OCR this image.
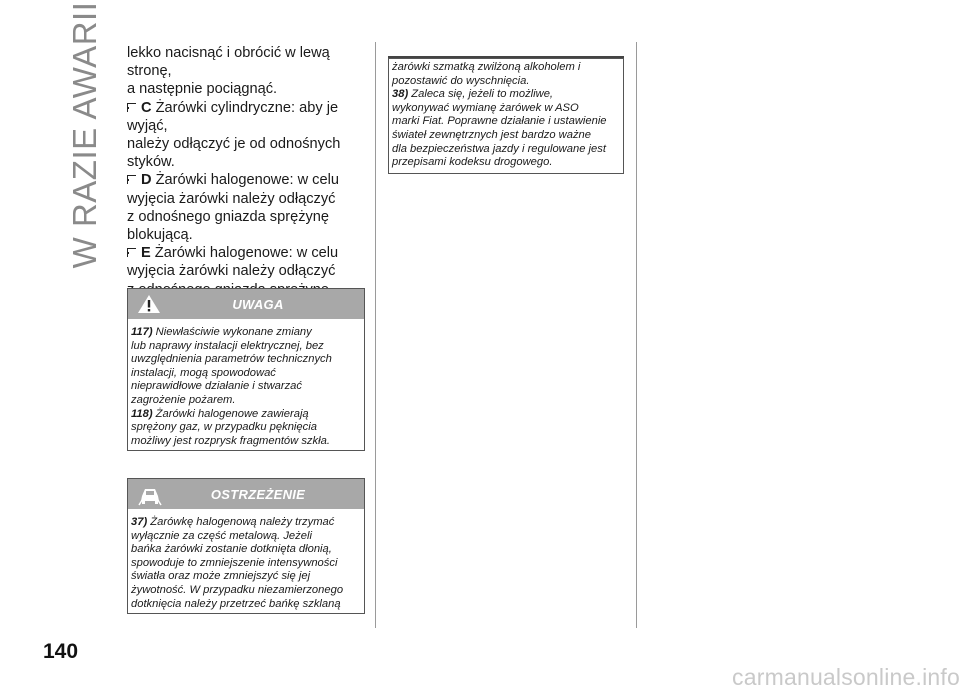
W RAZIE AWARII lekko nacisnąć i obrócić w lewą stronę,

a następnie pociągnąć.

C Żarówki cylindryczne: aby je wyjąć,

należy odłączyć je od odnośnych

styków.

D Żarówki halogenowe: w celu

wyjęcia żarówki należy odłączyć

z odnośnego gniazda sprężynę

blokującą.

E Żarówki halogenowe: w celu

wyjęcia żarówki należy odłączyć

UWAGA

117) Niewłaściwie wykonane zmiany

lub naprawy instalacji elektrycznej, bez

uwzględnienia parametrów technicznych

instalacji, mogą spowodować

nieprawidłowe działanie i stwarzać

zagrożenie pożarem.

118) Żarówki halogenowe zawierają

sprężony gaz, w przypadku pęknięcia

możliwy jest rozprysk fragmentów szkła.

OSTRZEŻENIE

37) Żarówkę halogenową należy trzymać

wyłącznie za część metalową. Jeżeli

bańka żarówki zostanie dotknięta dłonią,

spowoduje to zmniejszenie intensywności

światła oraz może zmniejszyć się jej

żywotność. W przypadku niezamierzonego

dotknięcia należy przetrzeć bańkę szklaną

żarówki szmatką zwilżoną alkoholem i

pozostawić do wyschnięcia.

38) Zaleca się, jeżeli to możliwe,

wykonywać wymianę żarówek w ASO

marki Fiat. Poprawne działanie i ustawienie

świateł zewnętrznych jest bardzo ważne

dla bezpieczeństwa jazdy i regulowane jest

przepisami kodeksu drogowego.

140
carmanualsonline.info
